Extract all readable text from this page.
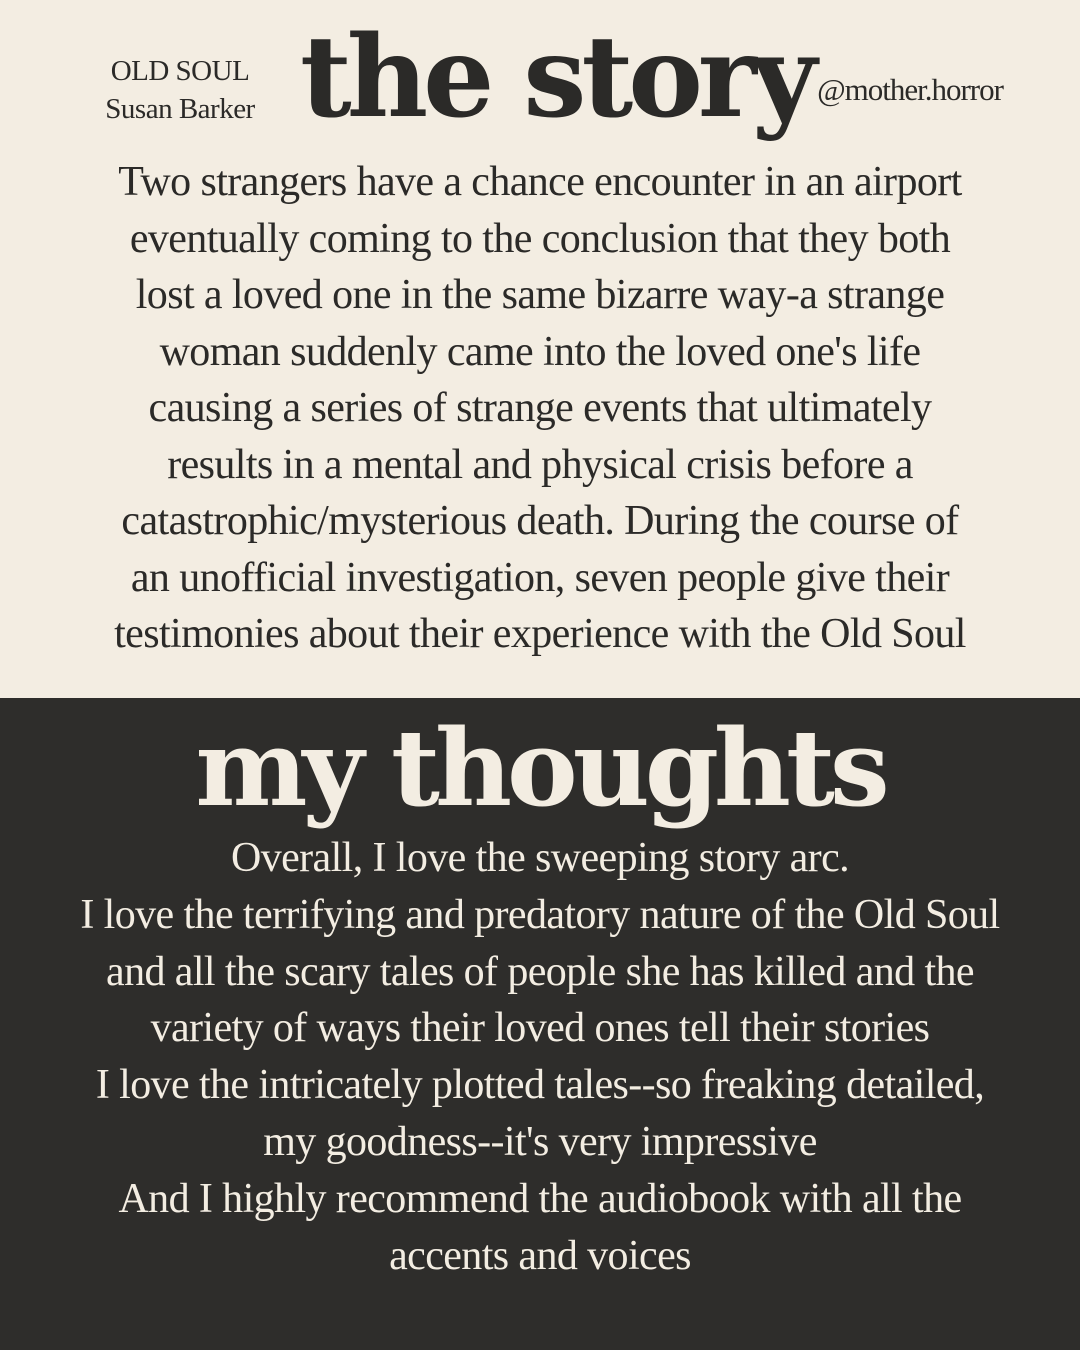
OLD SOUL
Susan Barker the story @mother.horror
Two strangers have a chance encounter in an airport
eventually coming to the conclusion that they both
lost a loved one in the same bizarre way-a strange
woman suddenly came into the loved one's life
causing a series of strange events that ultimately
results in a mental and physical crisis before a
catastrophic/mysterious death. During the course of
an unofficial investigation, seven people give their
testimonies about their experience with the Old Soul
my thoughts
Overall, I love the sweeping story arc.
I love the terrifying and predatory nature of the Old Soul
and all the scary tales of people she has killed and the
variety of ways their loved ones tell their stories
I love the intricately plotted tales--so freaking detailed,
my goodness--it's very impressive
And I highly recommend the audiobook with all the
accents and voices
